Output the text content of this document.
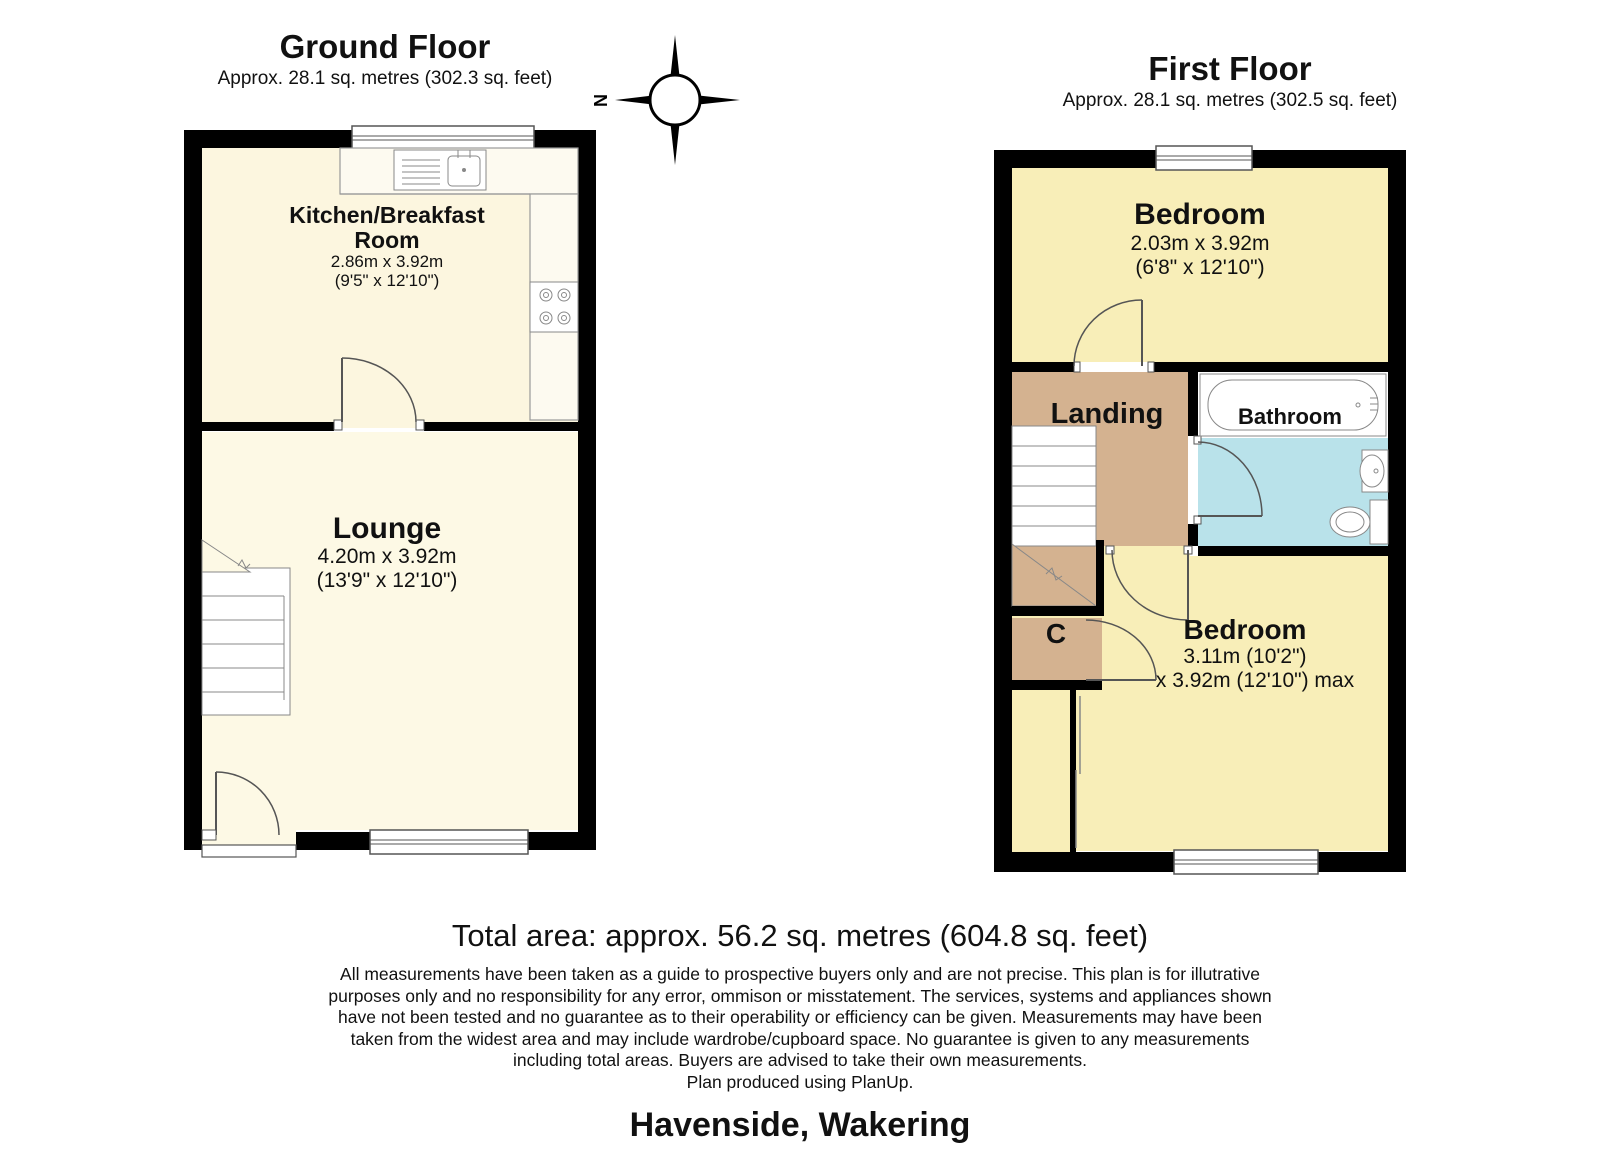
Ground Floor
Approx. 28.1 sq. metres (302.3 sq. feet)	First Floor
Approx. 28.1 sq. metres (302.5 sq. feet)
N
Kitchen/Breakfast
Room
2.86m x 3.92m
(9'5" x 12'10")
Lounge
4.20m x 3.92m
(13'9" x 12'10")
Bedroom
2.03m x 3.92m
(6'8" x 12'10")
Landing	Bathroom
C	Bedroom
3.11m (10'2")
x 3.92m (12'10") max
Total area: approx. 56.2 sq. metres (604.8 sq. feet)
All measurements have been taken as a guide to prospective buyers only and are not precise. This plan is for illutrative
purposes only and no responsibility for any error, ommison or misstatement. The services, systems and appliances shown
have not been tested and no guarantee as to their operability or efficiency can be given. Measurements may have been
taken from the widest area and may include wardrobe/cupboard space. No guarantee is given to any measurements
including total areas. Buyers are advised to take their own measurements.
Plan produced using PlanUp.
Havenside, Wakering
